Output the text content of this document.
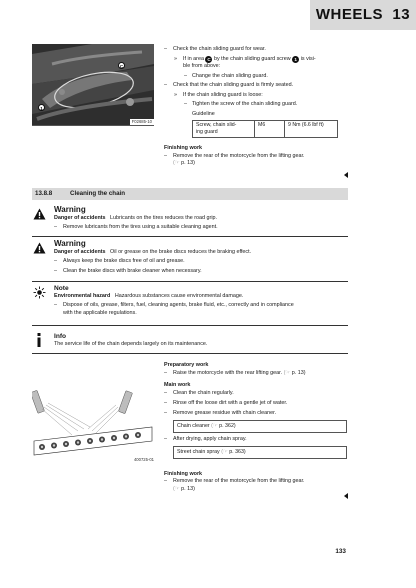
WHEELS 13
C
1
F02685-10
– Check the chain sliding guard for wear.
» If in area C by the chain sliding guard screw 1 is visi-
ble from above:
– Change the chain sliding guard.
– Check that the chain sliding guard is firmly seated.
» If the chain sliding guard is loose:
– Tighten the screw of the chain sliding guard.
Guideline
Screw, chain slid-
ing guard	M6	9 Nm (6.6 lbf ft)
Finishing work
– Remove the rear of the motorcycle from the lifting gear.
(☞ p. 13)
13.8.8	Cleaning the chain
Warning
Danger of accidents Lubricants on the tires reduces the road grip.
– Remove lubricants from the tires using a suitable cleaning agent.
Warning
Danger of accidents Oil or grease on the brake discs reduces the braking effect.
– Always keep the brake discs free of oil and grease.
– Clean the brake discs with brake cleaner when necessary.
Note
Environmental hazard Hazardous substances cause environmental damage.
– Dispose of oils, grease, filters, fuel, cleaning agents, brake fluid, etc., correctly and in compliance
with the applicable regulations.
Info
The service life of the chain depends largely on its maintenance.
400725-01
Preparatory work
– Raise the motorcycle with the rear lifting gear. (☞ p. 13)
Main work
– Clean the chain regularly.
– Rinse off the loose dirt with a gentle jet of water.
– Remove grease residue with chain cleaner.
Chain cleaner (☞ p. 362)
– After drying, apply chain spray.
Street chain spray (☞ p. 363)
Finishing work
– Remove the rear of the motorcycle from the lifting gear.
(☞ p. 13)
133
